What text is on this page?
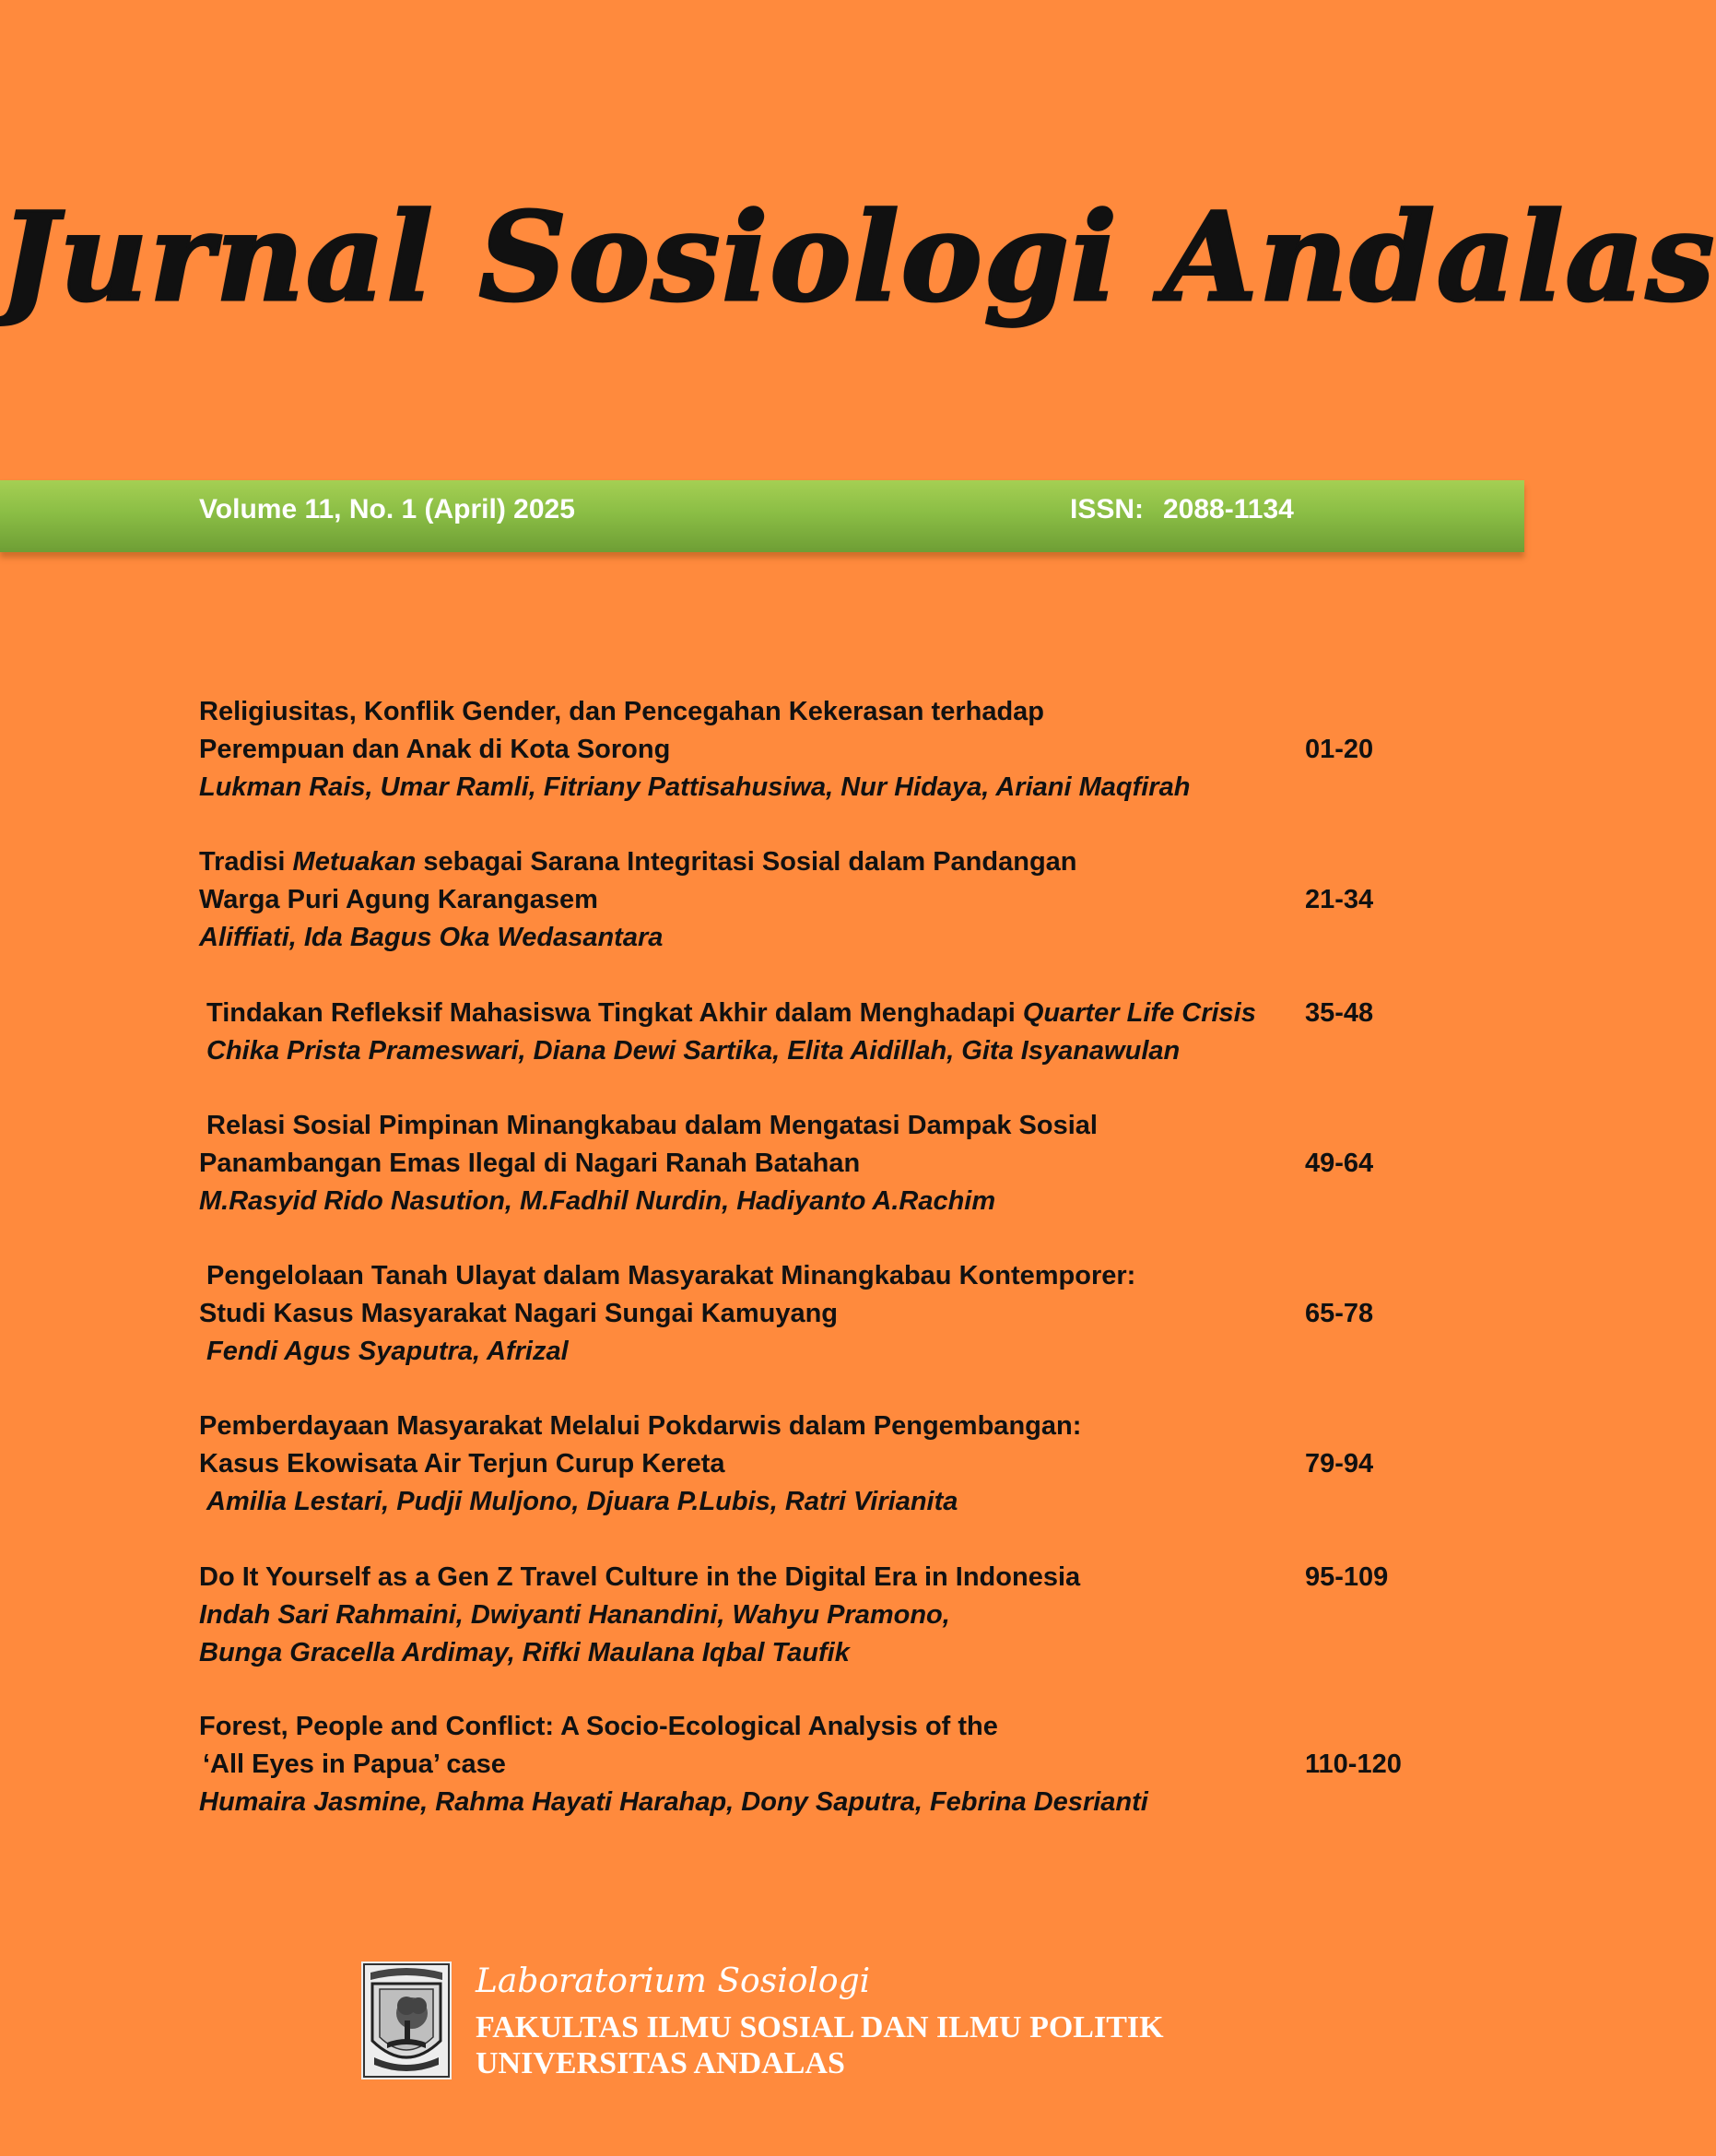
Jurnal Sosiologi Andalas
Volume 11, No. 1 (April) 2025	ISSN: 2088-1134
Religiusitas, Konflik Gender, dan Pencegahan Kekerasan terhadap
Perempuan dan Anak di Kota Sorong	01-20
Lukman Rais, Umar Ramli, Fitriany Pattisahusiwa, Nur Hidaya, Ariani Maqfirah
Tradisi Metuakan sebagai Sarana Integritasi Sosial dalam Pandangan
Warga Puri Agung Karangasem	21-34
Aliffiati, Ida Bagus Oka Wedasantara
Tindakan Refleksif Mahasiswa Tingkat Akhir dalam Menghadapi Quarter Life Crisis 35-48
Chika Prista Prameswari, Diana Dewi Sartika, Elita Aidillah, Gita Isyanawulan
Relasi Sosial Pimpinan Minangkabau dalam Mengatasi Dampak Sosial
Panambangan Emas Ilegal di Nagari Ranah Batahan	49-64
M.Rasyid Rido Nasution, M.Fadhil Nurdin, Hadiyanto A.Rachim
Pengelolaan Tanah Ulayat dalam Masyarakat Minangkabau Kontemporer:
Studi Kasus Masyarakat Nagari Sungai Kamuyang	65-78
Fendi Agus Syaputra, Afrizal
Pemberdayaan Masyarakat Melalui Pokdarwis dalam Pengembangan:
Kasus Ekowisata Air Terjun Curup Kereta	79-94
Amilia Lestari, Pudji Muljono, Djuara P.Lubis, Ratri Virianita
Do It Yourself as a Gen Z Travel Culture in the Digital Era in Indonesia	95-109
Indah Sari Rahmaini, Dwiyanti Hanandini, Wahyu Pramono,
Bunga Gracella Ardimay, Rifki Maulana Iqbal Taufik
Forest, People and Conflict: A Socio-Ecological Analysis of the
‘All Eyes in Papua’ case	110-120
Humaira Jasmine, Rahma Hayati Harahap, Dony Saputra, Febrina Desrianti
Laboratorium Sosiologi
FAKULTAS ILMU SOSIAL DAN ILMU POLITIK
UNIVERSITAS ANDALAS
